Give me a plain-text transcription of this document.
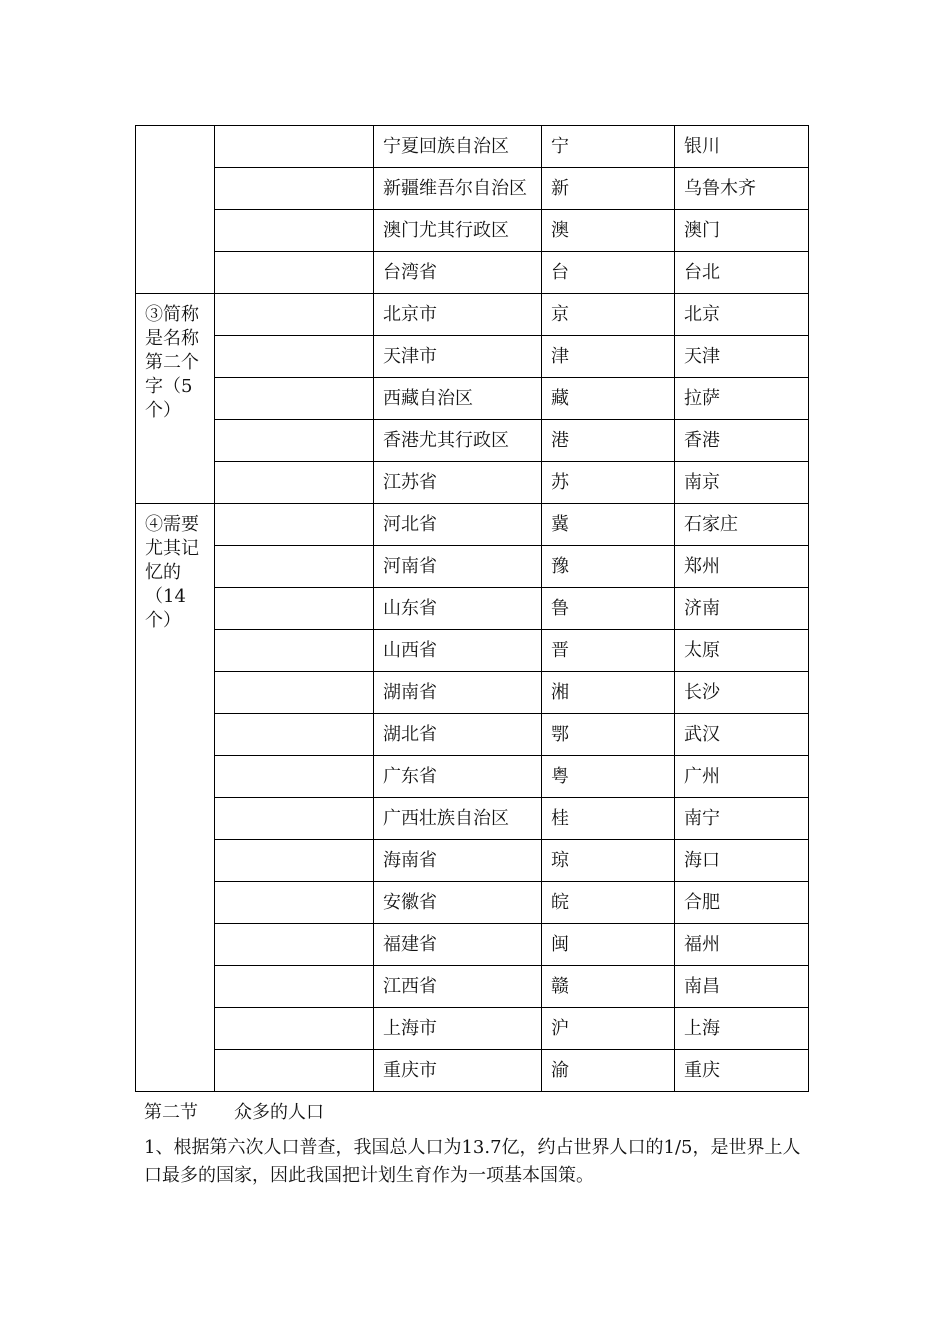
		宁夏回族自治区	宁	银川
		新疆维吾尔自治区	新	乌鲁木齐
		澳门尤其行政区	澳	澳门
		台湾省	台	台北
③简称是名称第二个字（5个）		北京市	京	北京
		天津市	津	天津
		西藏自治区	藏	拉萨
		香港尤其行政区	港	香港
		江苏省	苏	南京
④需要尤其记忆的（14个）		河北省	冀	石家庄
		河南省	豫	郑州
		山东省	鲁	济南
		山西省	晋	太原
		湖南省	湘	长沙
		湖北省	鄂	武汉
		广东省	粤	广州
		广西壮族自治区	桂	南宁
		海南省	琼	海口
		安徽省	皖	合肥
		福建省	闽	福州
		江西省	赣	南昌
		上海市	沪	上海
		重庆市	渝	重庆
第二节 众多的人口
1、根据第六次人口普查，我国总人口为13.7亿，约占世界人口的1/5，是世界上人口最多的国家，因此我国把计划生育作为一项基本国策。
